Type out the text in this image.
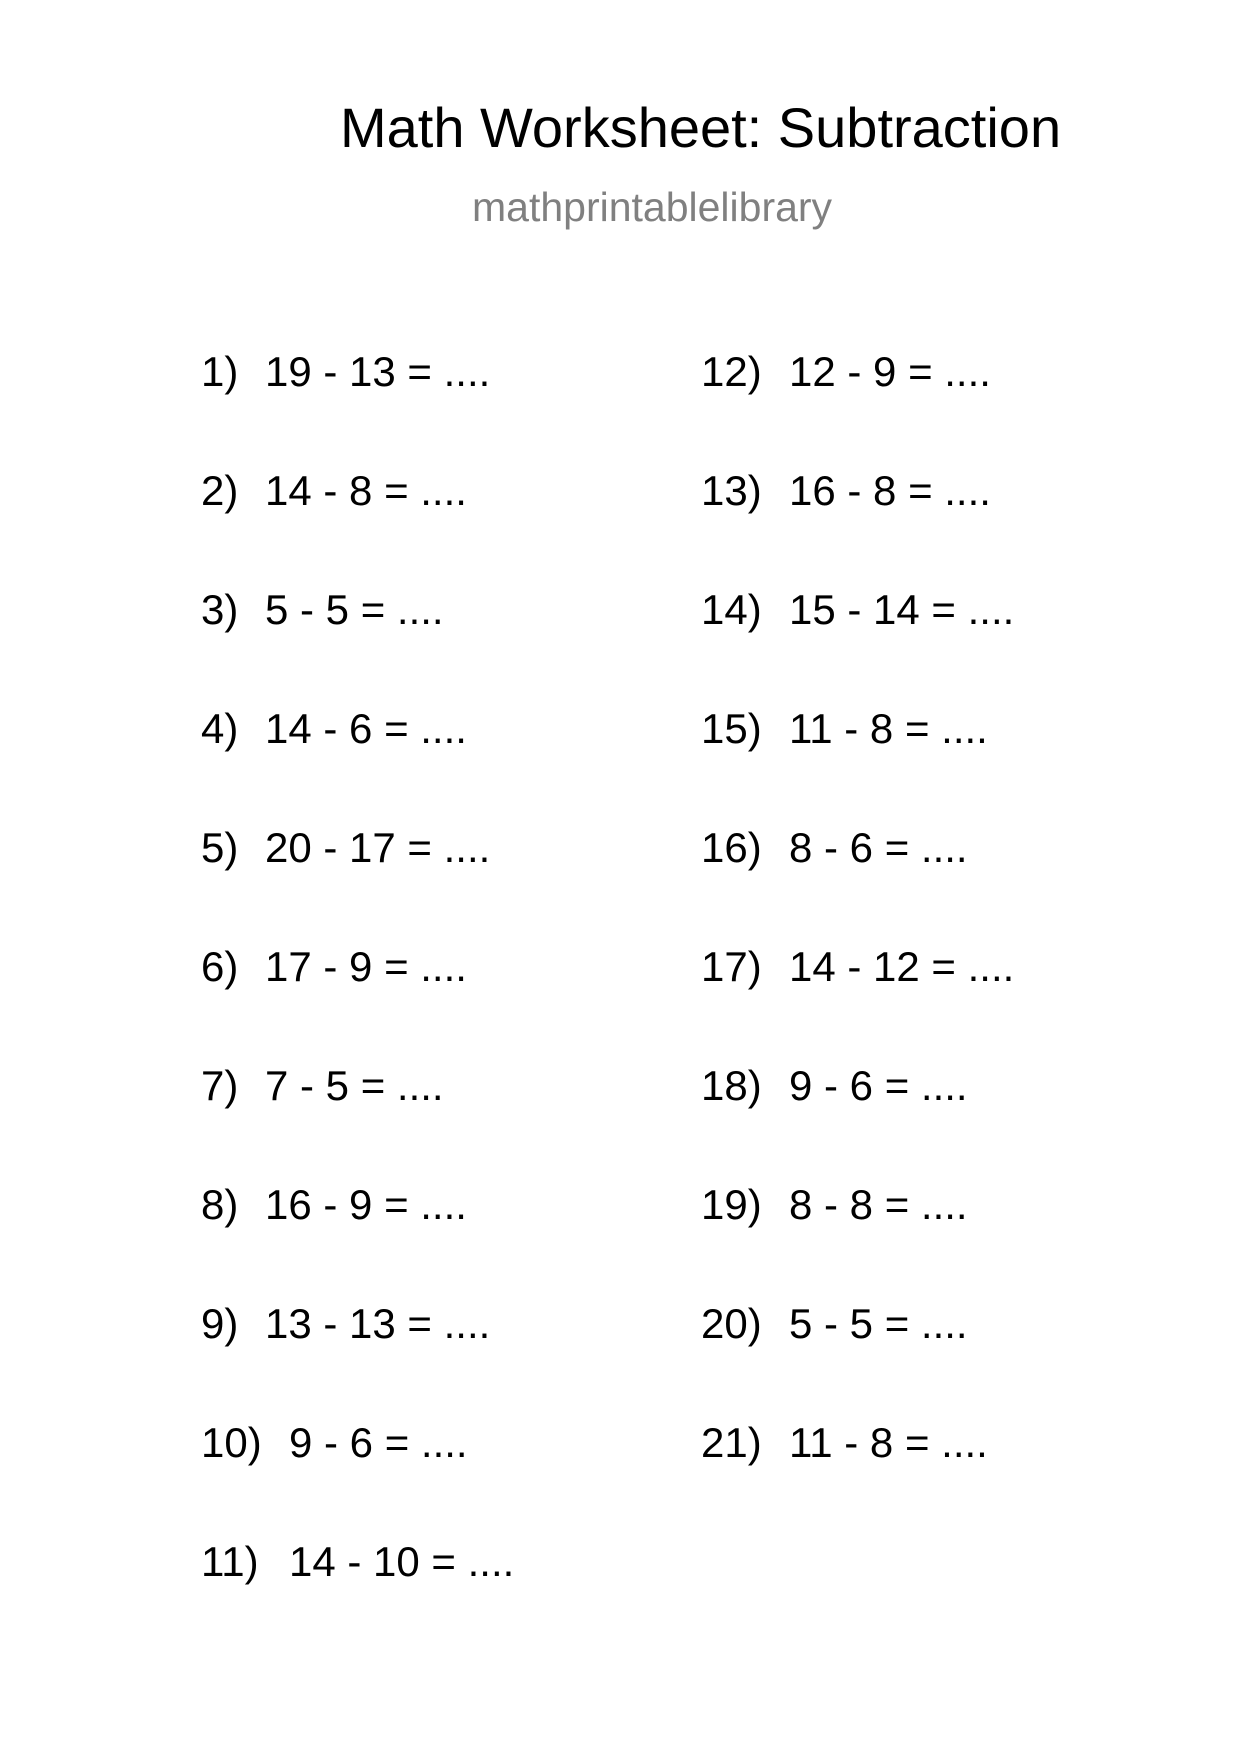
Math Worksheet: Subtraction
mathprintablelibrary
1) 19 - 13 = ....
2) 14 - 8 = ....
3) 5 - 5 = ....
4) 14 - 6 = ....
5) 20 - 17 = ....
6) 17 - 9 = ....
7) 7 - 5 = ....
8) 16 - 9 = ....
9) 13 - 13 = ....
10) 9 - 6 = ....
11) 14 - 10 = ....
12) 12 - 9 = ....
13) 16 - 8 = ....
14) 15 - 14 = ....
15) 11 - 8 = ....
16) 8 - 6 = ....
17) 14 - 12 = ....
18) 9 - 6 = ....
19) 8 - 8 = ....
20) 5 - 5 = ....
21) 11 - 8 = ....
